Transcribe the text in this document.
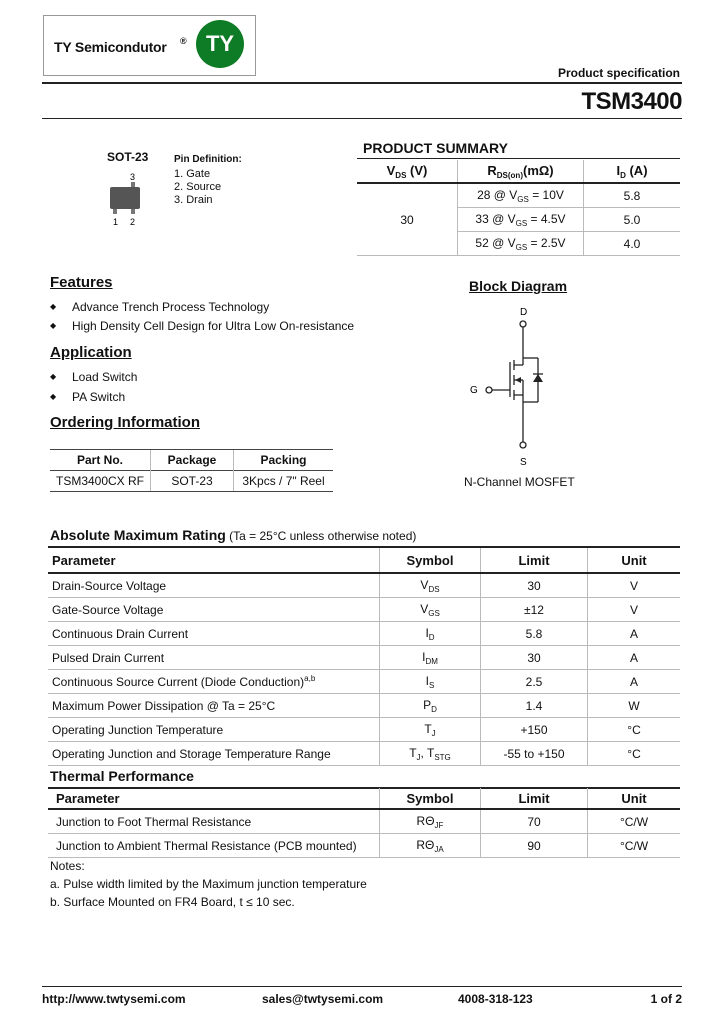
TY Semicondutor ® TY
Product specification
TSM3400
SOT-23
3
1 2
Pin Definition:
1. Gate
2. Source
3. Drain
PRODUCT SUMMARY
$V_{DS}$ (V)	$R_{DS(on)}(m\Omega)$	$I_D$ (A)
30	28 @ $V_{GS} = 10V$	5.8
	33 @ $V_{GS} = 4.5V$	5.0
	52 @ $V_{GS} = 2.5V$	4.0
Features
◆ Advance Trench Process Technology
◆ High Density Cell Design for Ultra Low On-resistance
Application
◆ Load Switch
◆ PA Switch
Ordering Information
Part No.	Package	Packing
TSM3400CX RF	SOT-23	3Kpcs / 7" Reel
Block Diagram
D
G
S
N-Channel MOSFET
Absolute Maximum Rating (Ta = 25°C unless otherwise noted)
Parameter	Symbol	Limit	Unit
Drain-Source Voltage	$V_{DS}$	30	V
Gate-Source Voltage	$V_{GS}$	±12	V
Continuous Drain Current	$I_D$	5.8	A
Pulsed Drain Current	$I_{DM}$	30	A
Continuous Source Current (Diode Conduction)$^{a,b}$	$I_S$	2.5	A
Maximum Power Dissipation @ Ta = 25°C	$P_D$	1.4	W
Operating Junction Temperature	$T_J$	+150	°C
Operating Junction and Storage Temperature Range	$T_J$, $T_{STG}$	-55 to +150	°C
Thermal Performance
Parameter	Symbol	Limit	Unit
Junction to Foot Thermal Resistance	$R\Theta_{JF}$	70	°C/W
Junction to Ambient Thermal Resistance (PCB mounted)	$R\Theta_{JA}$	90	°C/W
Notes:
a. Pulse width limited by the Maximum junction temperature
b. Surface Mounted on FR4 Board, t ≤ 10 sec.
http://www.twtysemi.com	sales@twtysemi.com	4008-318-123	1 of 2
